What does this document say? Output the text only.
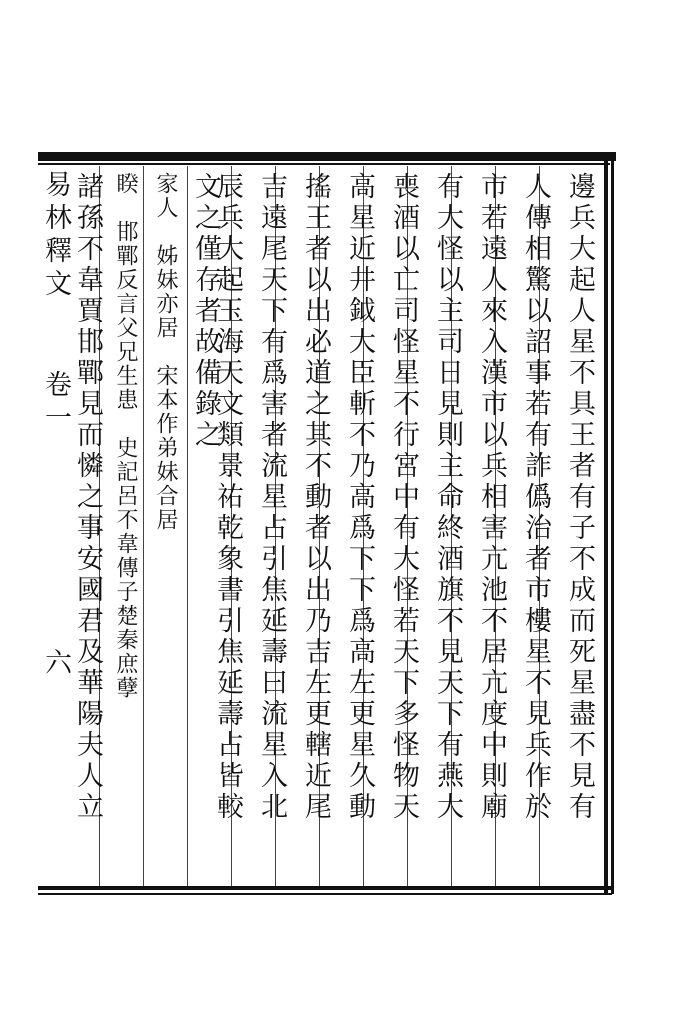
易林釋文
卷一
六	邊兵大起人星不具王者有子不成而死星盡不見有
人傳相驚以詔事若有詐僞治者市樓星不見兵作於
市若遠人來入漢市以兵相害亢池不居亢度中則廟
有大怪以主司日見則主命終酒旗不見天下有燕大
喪酒以亡司怪星不行宮中有大怪若天下多怪物天
高星近井鉞大臣斬不乃高爲下下爲高左更星久動
搖王者以出必道之其不動者以出乃吉左更轄近尾
吉遠尾天下有爲害者流星占引焦延壽曰流星入北
辰兵大起玉海天文類景祐乾象書引焦延壽占皆較
文之僅存者故備錄之
家人　姊妹亦居　宋本作弟妹合居
睽　邯鄲反言父兄生患　史記呂不韋傳子楚秦庶孽
諸孫不韋賈邯鄲見而憐之事安國君及華陽夫人立
